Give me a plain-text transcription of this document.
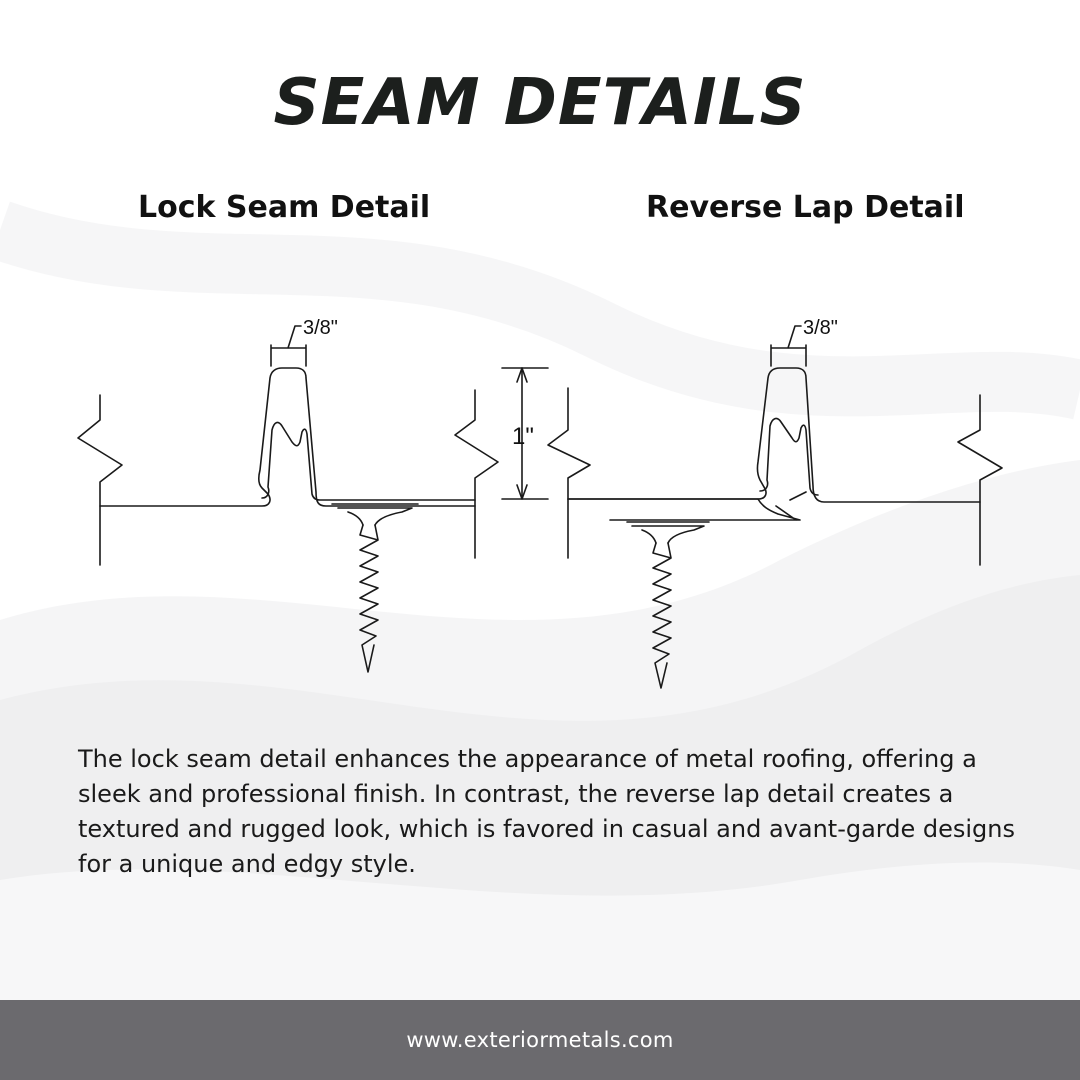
SEAM DETAILS
Lock Seam Detail	Reverse Lap Detail
3/8"
1"
3/8"

The lock seam detail enhances the appearance of metal roofing, offering a sleek and professional finish. In contrast, the reverse lap detail creates a textured and rugged look, which is favored in casual and avant-garde designs for a unique and edgy style.

www.exteriormetals.com
